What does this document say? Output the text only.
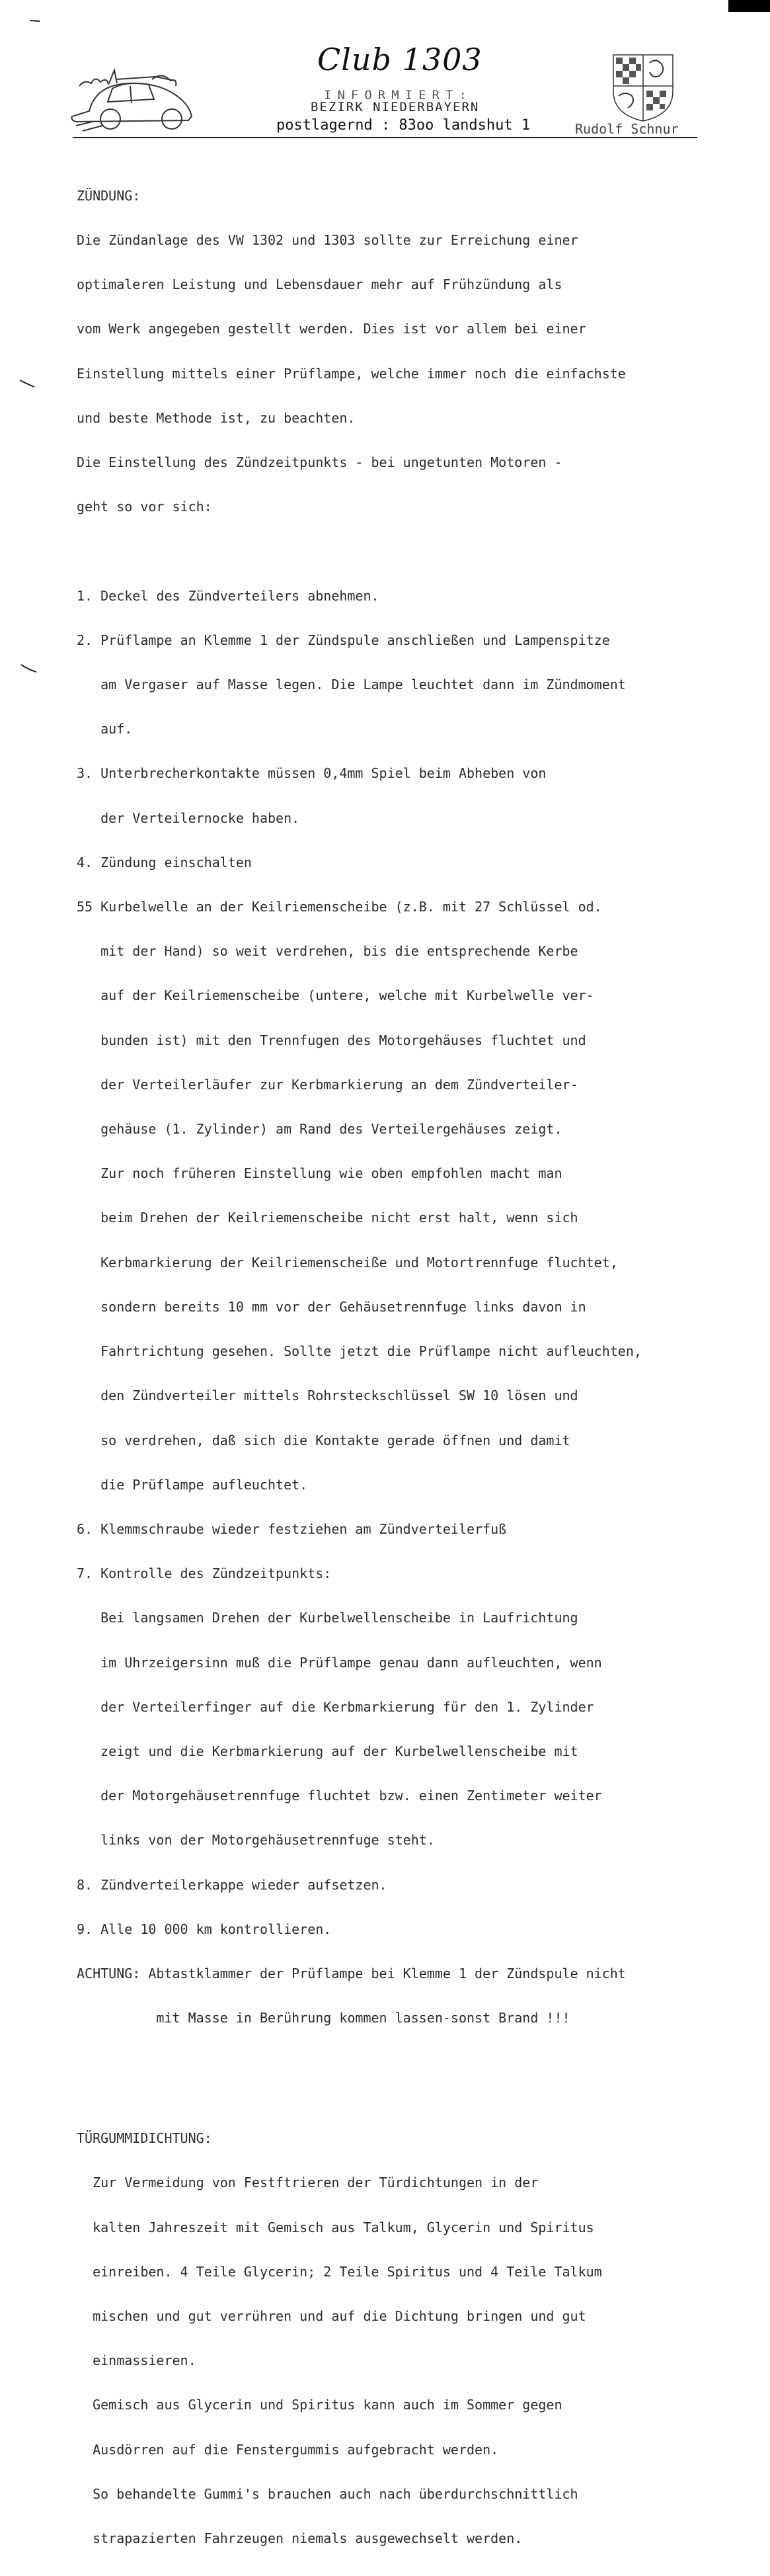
Club 1303
INFORMIERT:
BEZIRK NIEDERBAYERN
postlagernd : 83oo landshut 1	Rudolf Schnur

ZÜNDUNG:

Die Zündanlage des VW 1302 und 1303 sollte zur Erreichung einer

optimaleren Leistung und Lebensdauer mehr auf Frühzündung als

vom Werk angegeben gestellt werden. Dies ist vor allem bei einer

Einstellung mittels einer Prüflampe, welche immer noch die einfachste

und beste Methode ist, zu beachten.

Die Einstellung des Zündzeitpunkts - bei ungetunten Motoren -

geht so vor sich:

1. Deckel des Zündverteilers abnehmen.

2. Prüflampe an Klemme 1 der Zündspule anschließen und Lampenspitze

am Vergaser auf Masse legen. Die Lampe leuchtet dann im Zündmoment

auf.

3. Unterbrecherkontakte müssen 0,4mm Spiel beim Abheben von

der Verteilernocke haben.

4. Zündung einschalten

55 Kurbelwelle an der Keilriemenscheibe (z.B. mit 27 Schlüssel od.

mit der Hand) so weit verdrehen, bis die entsprechende Kerbe

auf der Keilriemenscheibe (untere, welche mit Kurbelwelle ver-

bunden ist) mit den Trennfugen des Motorgehäuses fluchtet und

der Verteilerläufer zur Kerbmarkierung an dem Zündverteiler-

gehäuse (1. Zylinder) am Rand des Verteilergehäuses zeigt.

Zur noch früheren Einstellung wie oben empfohlen macht man

beim Drehen der Keilriemenscheibe nicht erst halt, wenn sich

Kerbmarkierung der Keilriemenscheiße und Motortrennfuge fluchtet,

sondern bereits 10 mm vor der Gehäusetrennfuge links davon in

Fahrtrichtung gesehen. Sollte jetzt die Prüflampe nicht aufleuchten,

den Zündverteiler mittels Rohrsteckschlüssel SW 10 lösen und

so verdrehen, daß sich die Kontakte gerade öffnen und damit

die Prüflampe aufleuchtet.

6. Klemmschraube wieder festziehen am Zündverteilerfuß

7. Kontrolle des Zündzeitpunkts:

Bei langsamen Drehen der Kurbelwellenscheibe in Laufrichtung

im Uhrzeigersinn muß die Prüflampe genau dann aufleuchten, wenn

der Verteilerfinger auf die Kerbmarkierung für den 1. Zylinder

zeigt und die Kerbmarkierung auf der Kurbelwellenscheibe mit

der Motorgehäusetrennfuge fluchtet bzw. einen Zentimeter weiter

links von der Motorgehäusetrennfuge steht.

8. Zündverteilerkappe wieder aufsetzen.

9. Alle 10 000 km kontrollieren.

ACHTUNG: Abtastklammer der Prüflampe bei Klemme 1 der Zündspule nicht

mit Masse in Berührung kommen lassen-sonst Brand !!!

TÜRGUMMIDICHTUNG:

Zur Vermeidung von Festftrieren der Türdichtungen in der

kalten Jahreszeit mit Gemisch aus Talkum, Glycerin und Spiritus

einreiben. 4 Teile Glycerin; 2 Teile Spiritus und 4 Teile Talkum

mischen und gut verrühren und auf die Dichtung bringen und gut

einmassieren.

Gemisch aus Glycerin und Spiritus kann auch im Sommer gegen

Ausdörren auf die Fenstergummis aufgebracht werden.

So behandelte Gummi's brauchen auch nach überdurchschnittlich

strapazierten Fahrzeugen niemals ausgewechselt werden.
